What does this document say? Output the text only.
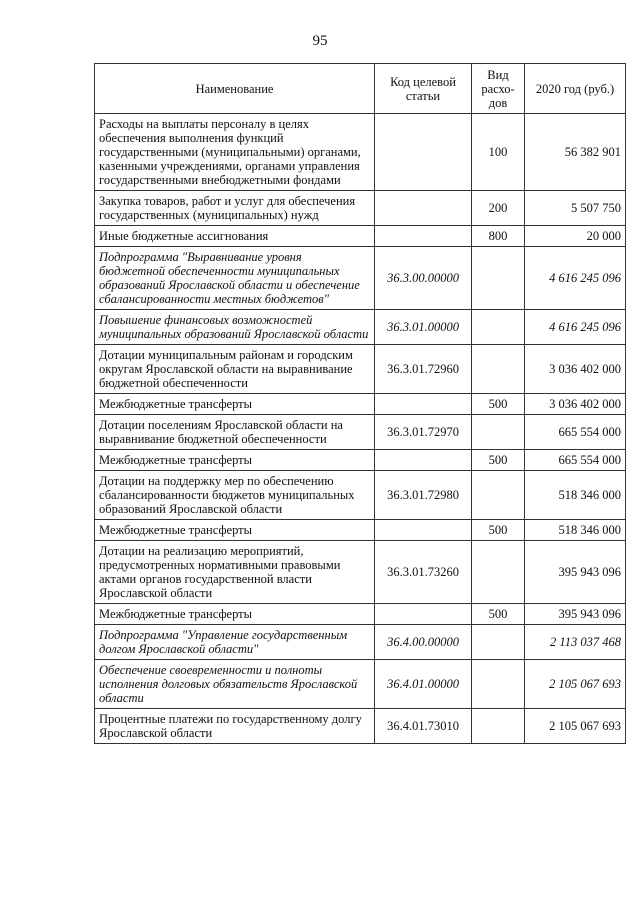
95
Наименование	Код целевой статьи	Вид расхо-дов	2020 год (руб.)
Расходы на выплаты персоналу в целях обеспечения выполнения функций государственными (муниципальными) органами, казенными учреждениями, органами управления государственными внебюджетными фондами		100	56 382 901
Закупка товаров, работ и услуг для обеспечения государственных (муниципальных) нужд		200	5 507 750
Иные бюджетные ассигнования		800	20 000
Подпрограмма "Выравнивание уровня бюджетной обеспеченности муниципальных образований Ярославской области и обеспечение сбалансированности местных бюджетов"	36.3.00.00000		4 616 245 096
Повышение финансовых возможностей муниципальных образований Ярославской области	36.3.01.00000		4 616 245 096
Дотации муниципальным районам и городским округам Ярославской области на выравнивание бюджетной обеспеченности	36.3.01.72960		3 036 402 000
Межбюджетные трансферты		500	3 036 402 000
Дотации поселениям Ярославской области на выравнивание бюджетной обеспеченности	36.3.01.72970		665 554 000
Межбюджетные трансферты		500	665 554 000
Дотации на поддержку мер по обеспечению сбалансированности бюджетов муниципальных образований Ярославской области	36.3.01.72980		518 346 000
Межбюджетные трансферты		500	518 346 000
Дотации на реализацию мероприятий, предусмотренных нормативными правовыми актами органов государственной власти Ярославской области	36.3.01.73260		395 943 096
Межбюджетные трансферты		500	395 943 096
Подпрограмма "Управление государственным долгом Ярославской области"	36.4.00.00000		2 113 037 468
Обеспечение своевременности и полноты исполнения долговых обязательств Ярославской области	36.4.01.00000		2 105 067 693
Процентные платежи по государственному долгу Ярославской области	36.4.01.73010		2 105 067 693
